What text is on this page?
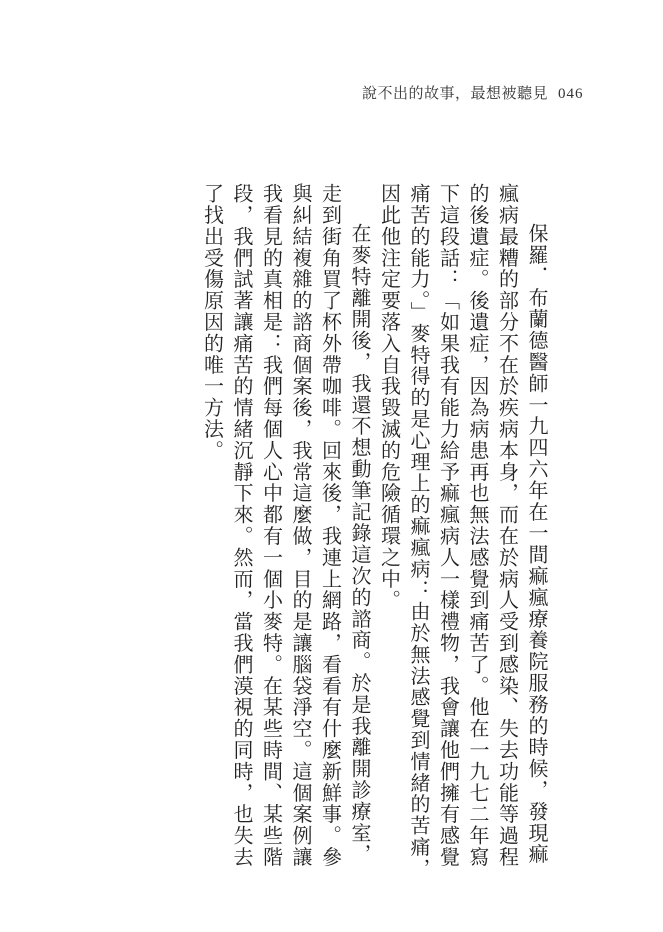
說不出的故事，最想被聽見 046

保羅．布蘭德醫師一九四六年在一間痲瘋療養院服務的時候，發現痲瘋病最糟的部分不在於疾病本身，而在於病人受到感染、失去功能等過程的後遺症。後遺症，因為病患再也無法感覺到痛苦了。他在一九七二年寫下這段話：「如果我有能力給予痲瘋病人一樣禮物，我會讓他們擁有感覺痛苦的能力。」麥特得的是心理上的痲瘋病：由於無法感覺到情緒的苦痛，因此他注定要落入自我毀滅的危險循環之中。

在麥特離開後，我還不想動筆記錄這次的諮商。於是我離開診療室，走到街角買了杯外帶咖啡。回來後，我連上網路，看看有什麼新鮮事。參與糾結複雜的諮商個案後，我常這麼做，目的是讓腦袋淨空。這個案例讓我看見的真相是：我們每個人心中都有一個小麥特。在某些時間、某些階段，我們試著讓痛苦的情緒沉靜下來。然而，當我們漠視的同時，也失去了找出受傷原因的唯一方法。
